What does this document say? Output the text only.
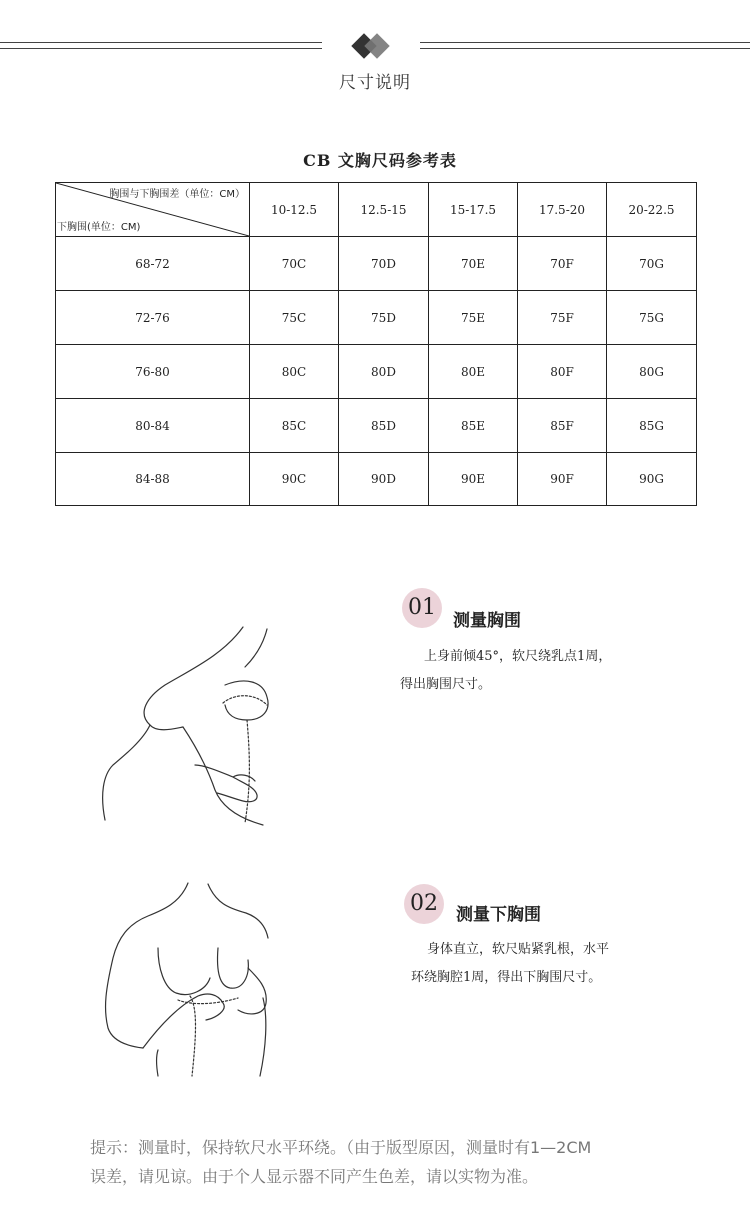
尺寸说明
CB 文胸尺码参考表
胸围与下胸围差（单位：CM）
下胸围(单位：CM)	10-12.5	12.5-15	15-17.5	17.5-20	20-22.5
68-72	70C	70D	70E	70F	70G
72-76	75C	75D	75E	75F	75G
76-80	80C	80D	80E	80F	80G
80-84	85C	85D	85E	85F	85G
84-88	90C	90D	90E	90F	90G
01
测量胸围
上身前倾45°，软尺绕乳点1周，
得出胸围尺寸。
02	测量下胸围
身体直立，软尺贴紧乳根，水平
环绕胸腔1周，得出下胸围尺寸。
提示：测量时，保持软尺水平环绕。（由于版型原因，测量时有1—2CM
误差，请见谅。由于个人显示器不同产生色差，请以实物为准。
